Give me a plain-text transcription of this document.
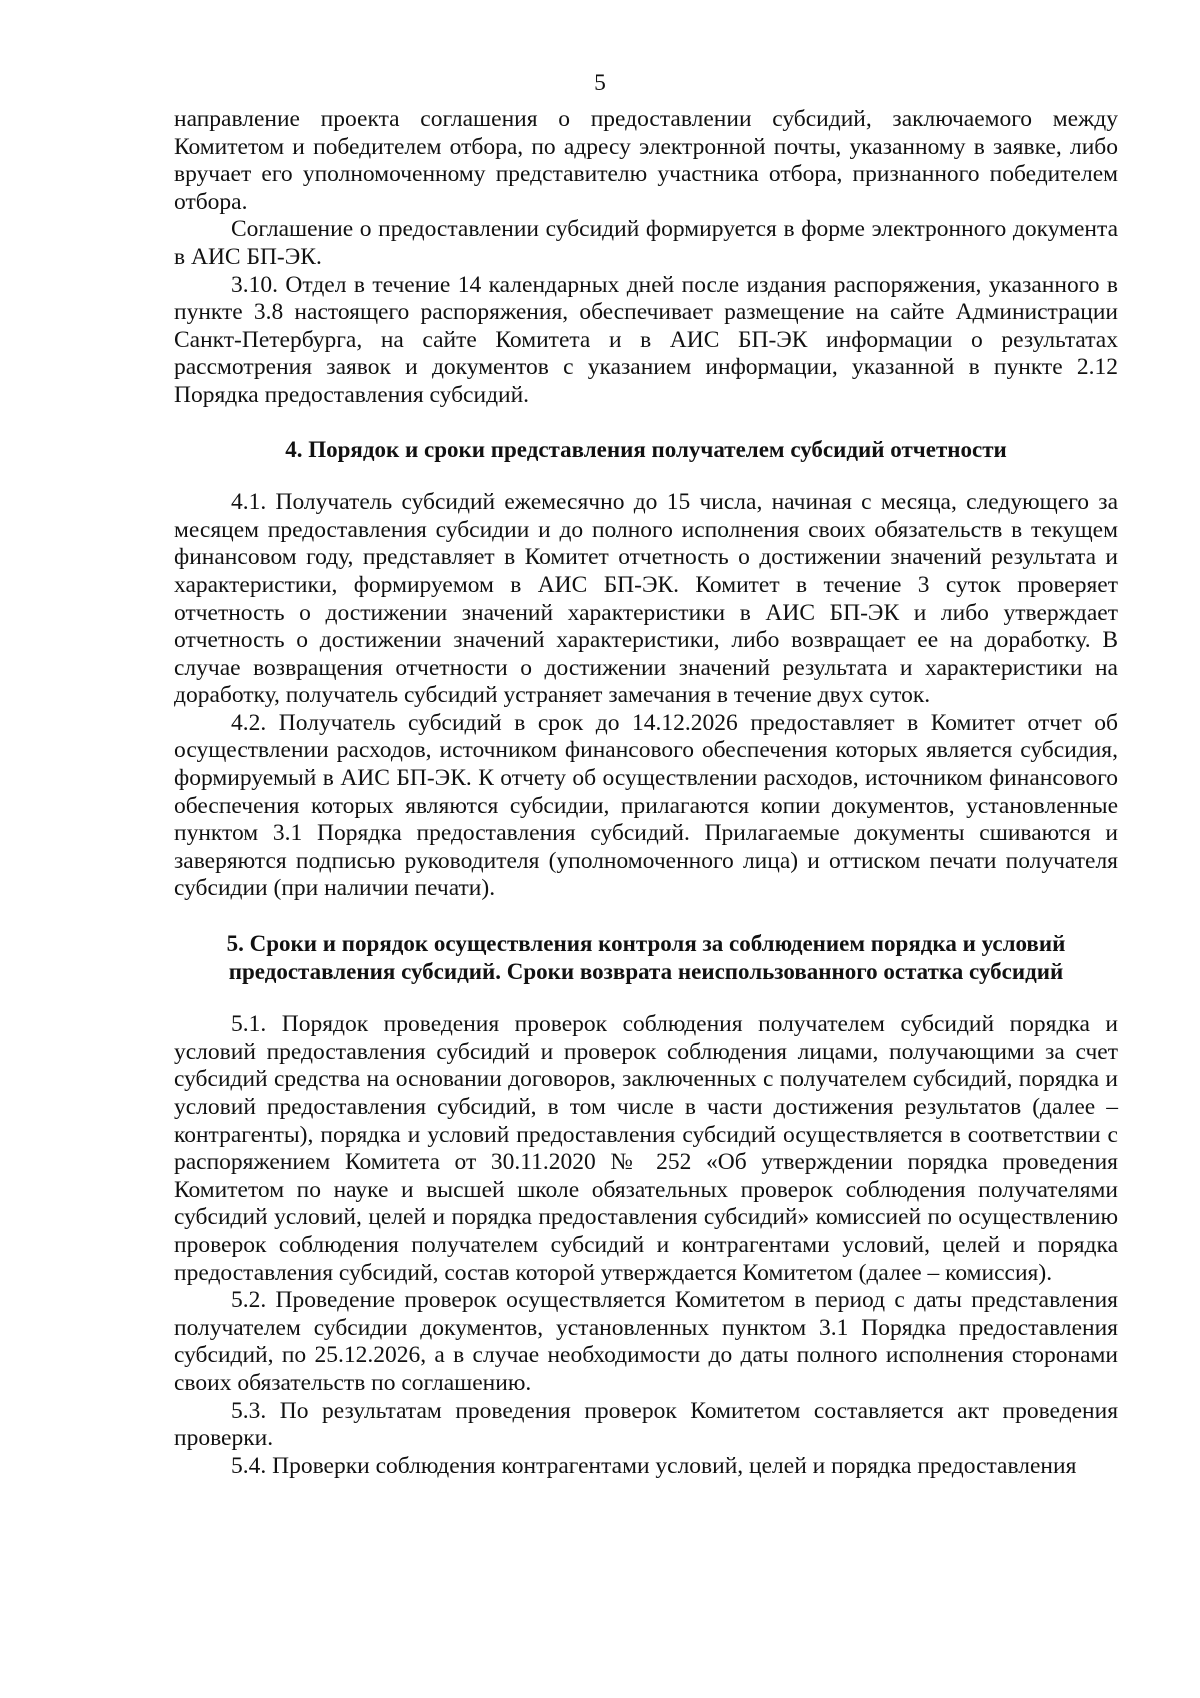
5

направление проекта соглашения о предоставлении субсидий, заключаемого между Комитетом и победителем отбора, по адресу электронной почты, указанному в заявке, либо вручает его уполномоченному представителю участника отбора, признанного победителем отбора.

Соглашение о предоставлении субсидий формируется в форме электронного документа в АИС БП-ЭК.

3.10. Отдел в течение 14 календарных дней после издания распоряжения, указанного в пункте 3.8 настоящего распоряжения, обеспечивает размещение на сайте Администрации Санкт-Петербурга, на сайте Комитета и в АИС БП-ЭК информации о результатах рассмотрения заявок и документов с указанием информации, указанной в пункте 2.12 Порядка предоставления субсидий.

4. Порядок и сроки представления получателем субсидий отчетности

4.1. Получатель субсидий ежемесячно до 15 числа, начиная с месяца, следующего за месяцем предоставления субсидии и до полного исполнения своих обязательств в текущем финансовом году, представляет в Комитет отчетность о достижении значений результата и характеристики, формируемом в АИС БП-ЭК. Комитет в течение 3 суток проверяет отчетность о достижении значений характеристики в АИС БП-ЭК и либо утверждает отчетность о достижении значений характеристики, либо возвращает ее на доработку. В случае возвращения отчетности о достижении значений результата и характеристики на доработку, получатель субсидий устраняет замечания в течение двух суток.

4.2. Получатель субсидий в срок до 14.12.2026 предоставляет в Комитет отчет об осуществлении расходов, источником финансового обеспечения которых является субсидия, формируемый в АИС БП-ЭК. К отчету об осуществлении расходов, источником финансового обеспечения которых являются субсидии, прилагаются копии документов, установленные пунктом 3.1 Порядка предоставления субсидий. Прилагаемые документы сшиваются и заверяются подписью руководителя (уполномоченного лица) и оттиском печати получателя субсидии (при наличии печати).

5. Сроки и порядок осуществления контроля за соблюдением порядка и условий
предоставления субсидий. Сроки возврата неиспользованного остатка субсидий

5.1. Порядок проведения проверок соблюдения получателем субсидий порядка и условий предоставления субсидий и проверок соблюдения лицами, получающими за счет субсидий средства на основании договоров, заключенных с получателем субсидий, порядка и условий предоставления субсидий, в том числе в части достижения результатов (далее – контрагенты), порядка и условий предоставления субсидий осуществляется в соответствии с распоряжением Комитета от 30.11.2020 № 252 «Об утверждении порядка проведения Комитетом по науке и высшей школе обязательных проверок соблюдения получателями субсидий условий, целей и порядка предоставления субсидий» комиссией по осуществлению проверок соблюдения получателем субсидий и контрагентами условий, целей и порядка предоставления субсидий, состав которой утверждается Комитетом (далее – комиссия).

5.2. Проведение проверок осуществляется Комитетом в период с даты представления получателем субсидии документов, установленных пунктом 3.1 Порядка предоставления субсидий, по 25.12.2026, а в случае необходимости до даты полного исполнения сторонами своих обязательств по соглашению.

5.3. По результатам проведения проверок Комитетом составляется акт проведения проверки.

5.4. Проверки соблюдения контрагентами условий, целей и порядка предоставления
